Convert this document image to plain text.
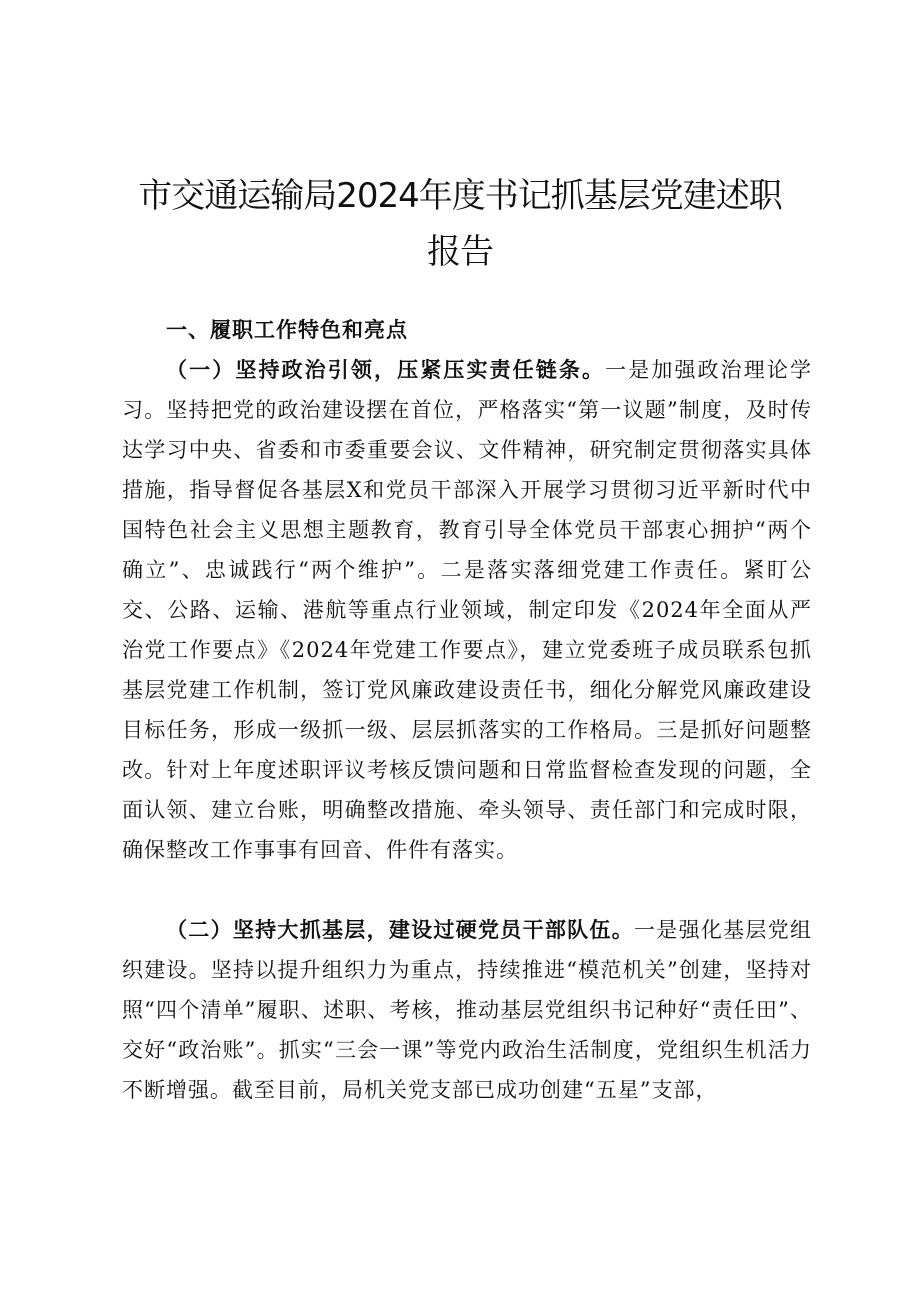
市交通运输局2024年度书记抓基层党建述职
报告
一、履职工作特色和亮点

（一）坚持政治引领，压紧压实责任链条。一是加强政治理论学习。坚持把党的政治建设摆在首位，严格落实“第一议题”制度，及时传达学习中央、省委和市委重要会议、文件精神，研究制定贯彻落实具体措施，指导督促各基层X和党员干部深入开展学习贯彻习近平新时代中国特色社会主义思想主题教育，教育引导全体党员干部衷心拥护“两个确立”、忠诚践行“两个维护”。二是落实落细党建工作责任。紧盯公交、公路、运输、港航等重点行业领域，制定印发《2024年全面从严治党工作要点》《2024年党建工作要点》，建立党委班子成员联系包抓基层党建工作机制，签订党风廉政建设责任书，细化分解党风廉政建设目标任务，形成一级抓一级、层层抓落实的工作格局。三是抓好问题整改。针对上年度述职评议考核反馈问题和日常监督检查发现的问题，全面认领、建立台账，明确整改措施、牵头领导、责任部门和完成时限，确保整改工作事事有回音、件件有落实。

（二）坚持大抓基层，建设过硬党员干部队伍。一是强化基层党组织建设。坚持以提升组织力为重点，持续推进“模范机关”创建，坚持对照“四个清单”履职、述职、考核，推动基层党组织书记种好“责任田”、交好“政治账”。抓实“三会一课”等党内政治生活制度，党组织生机活力不断增强。截至目前，局机关党支部已成功创建“五星”支部，
